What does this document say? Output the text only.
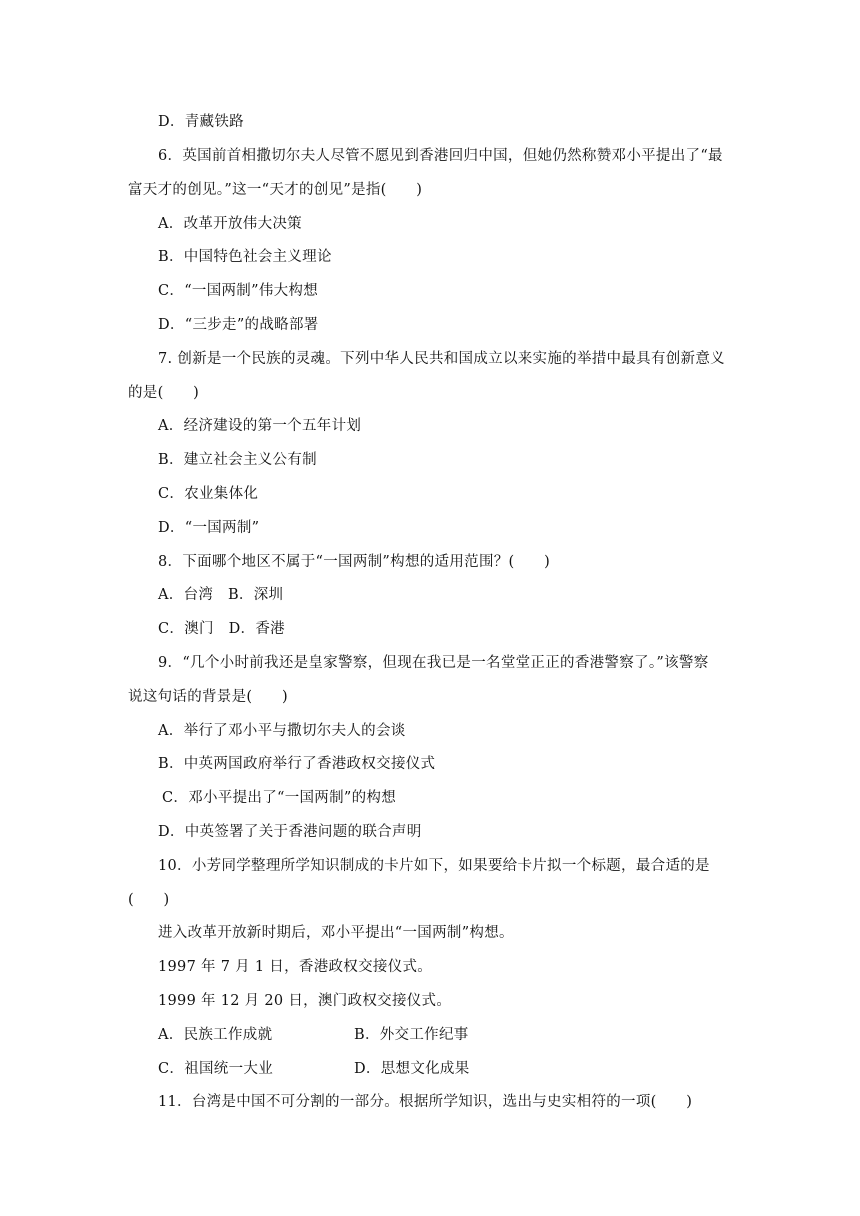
D．青藏铁路
6．英国前首相撒切尔夫人尽管不愿见到香港回归中国，但她仍然称赞邓小平提出了“最
富天才的创见。”这一“天才的创见”是指(　　)
A．改革开放伟大决策
B．中国特色社会主义理论
C．“一国两制”伟大构想
D．“三步走”的战略部署
7. 创新是一个民族的灵魂。下列中华人民共和国成立以来实施的举措中最具有创新意义
的是(　　)
A．经济建设的第一个五年计划
B．建立社会主义公有制
C．农业集体化
D．“一国两制”
8．下面哪个地区不属于“一国两制”构想的适用范围？(　　)
A．台湾　B．深圳
C．澳门　D．香港
9．“几个小时前我还是皇家警察，但现在我已是一名堂堂正正的香港警察了。”该警察
说这句话的背景是(　　)
A．举行了邓小平与撒切尔夫人的会谈
B．中英两国政府举行了香港政权交接仪式
C．邓小平提出了“一国两制”的构想
D．中英签署了关于香港问题的联合声明
10．小芳同学整理所学知识制成的卡片如下，如果要给卡片拟一个标题，最合适的是
(　　)
进入改革开放新时期后，邓小平提出“一国两制”构想。
1997 年 7 月 1 日，香港政权交接仪式。
1999 年 12 月 20 日，澳门政权交接仪式。
A．民族工作成就	B．外交工作纪事
C．祖国统一大业	D．思想文化成果
11．台湾是中国不可分割的一部分。根据所学知识，选出与史实相符的一项(　　)
